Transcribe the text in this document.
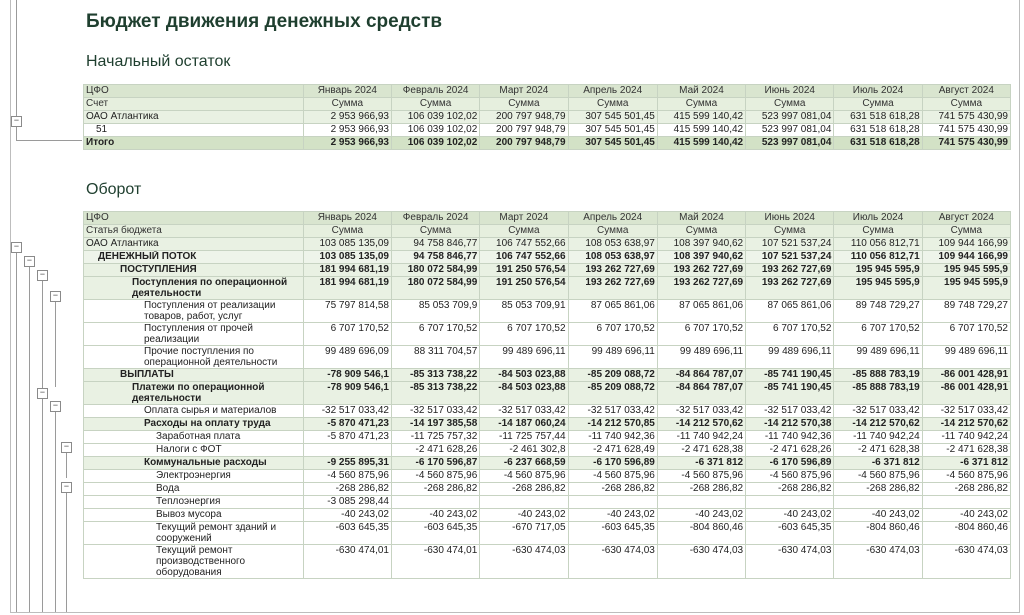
−
−
−
−
−
−
−
−
−
Бюджет движения денежных средств
Начальный остаток
ЦФО	Январь 2024	Февраль 2024	Март 2024	Апрель 2024	Май 2024	Июнь 2024	Июль 2024	Август 2024
Счет	Сумма	Сумма	Сумма	Сумма	Сумма	Сумма	Сумма	Сумма
ОАО Атлантика	2 953 966,93	106 039 102,02	200 797 948,79	307 545 501,45	415 599 140,42	523 997 081,04	631 518 618,28	741 575 430,99
51	2 953 966,93	106 039 102,02	200 797 948,79	307 545 501,45	415 599 140,42	523 997 081,04	631 518 618,28	741 575 430,99
Итого	2 953 966,93	106 039 102,02	200 797 948,79	307 545 501,45	415 599 140,42	523 997 081,04	631 518 618,28	741 575 430,99
Оборот
ЦФО	Январь 2024	Февраль 2024	Март 2024	Апрель 2024	Май 2024	Июнь 2024	Июль 2024	Август 2024
Статья бюджета	Сумма	Сумма	Сумма	Сумма	Сумма	Сумма	Сумма	Сумма
ОАО Атлантика	103 085 135,09	94 758 846,77	106 747 552,66	108 053 638,97	108 397 940,62	107 521 537,24	110 056 812,71	109 944 166,99
ДЕНЕЖНЫЙ ПОТОК	103 085 135,09	94 758 846,77	106 747 552,66	108 053 638,97	108 397 940,62	107 521 537,24	110 056 812,71	109 944 166,99
ПОСТУПЛЕНИЯ	181 994 681,19	180 072 584,99	191 250 576,54	193 262 727,69	193 262 727,69	193 262 727,69	195 945 595,9	195 945 595,9
Поступления по операционной деятельности	181 994 681,19	180 072 584,99	191 250 576,54	193 262 727,69	193 262 727,69	193 262 727,69	195 945 595,9	195 945 595,9
Поступления от реализации товаров, работ, услуг	75 797 814,58	85 053 709,9	85 053 709,91	87 065 861,06	87 065 861,06	87 065 861,06	89 748 729,27	89 748 729,27
Поступления от прочей реализации	6 707 170,52	6 707 170,52	6 707 170,52	6 707 170,52	6 707 170,52	6 707 170,52	6 707 170,52	6 707 170,52
Прочие поступления по операционной деятельности	99 489 696,09	88 311 704,57	99 489 696,11	99 489 696,11	99 489 696,11	99 489 696,11	99 489 696,11	99 489 696,11
ВЫПЛАТЫ	-78 909 546,1	-85 313 738,22	-84 503 023,88	-85 209 088,72	-84 864 787,07	-85 741 190,45	-85 888 783,19	-86 001 428,91
Платежи по операционной деятельности	-78 909 546,1	-85 313 738,22	-84 503 023,88	-85 209 088,72	-84 864 787,07	-85 741 190,45	-85 888 783,19	-86 001 428,91
Оплата сырья и материалов	-32 517 033,42	-32 517 033,42	-32 517 033,42	-32 517 033,42	-32 517 033,42	-32 517 033,42	-32 517 033,42	-32 517 033,42
Расходы на оплату труда	-5 870 471,23	-14 197 385,58	-14 187 060,24	-14 212 570,85	-14 212 570,62	-14 212 570,38	-14 212 570,62	-14 212 570,62
Заработная плата	-5 870 471,23	-11 725 757,32	-11 725 757,44	-11 740 942,36	-11 740 942,24	-11 740 942,36	-11 740 942,24	-11 740 942,24
Налоги с ФОТ		-2 471 628,26	-2 461 302,8	-2 471 628,49	-2 471 628,38	-2 471 628,26	-2 471 628,38	-2 471 628,38
Коммунальные расходы	-9 255 895,31	-6 170 596,87	-6 237 668,59	-6 170 596,89	-6 371 812	-6 170 596,89	-6 371 812	-6 371 812
Электроэнергия	-4 560 875,96	-4 560 875,96	-4 560 875,96	-4 560 875,96	-4 560 875,96	-4 560 875,96	-4 560 875,96	-4 560 875,96
Вода	-268 286,82	-268 286,82	-268 286,82	-268 286,82	-268 286,82	-268 286,82	-268 286,82	-268 286,82
Теплоэнергия	-3 085 298,44							
Вывоз мусора	-40 243,02	-40 243,02	-40 243,02	-40 243,02	-40 243,02	-40 243,02	-40 243,02	-40 243,02
Текущий ремонт зданий и сооружений	-603 645,35	-603 645,35	-670 717,05	-603 645,35	-804 860,46	-603 645,35	-804 860,46	-804 860,46
Текущий ремонт производственного оборудования	-630 474,01	-630 474,01	-630 474,03	-630 474,03	-630 474,03	-630 474,03	-630 474,03	-630 474,03
